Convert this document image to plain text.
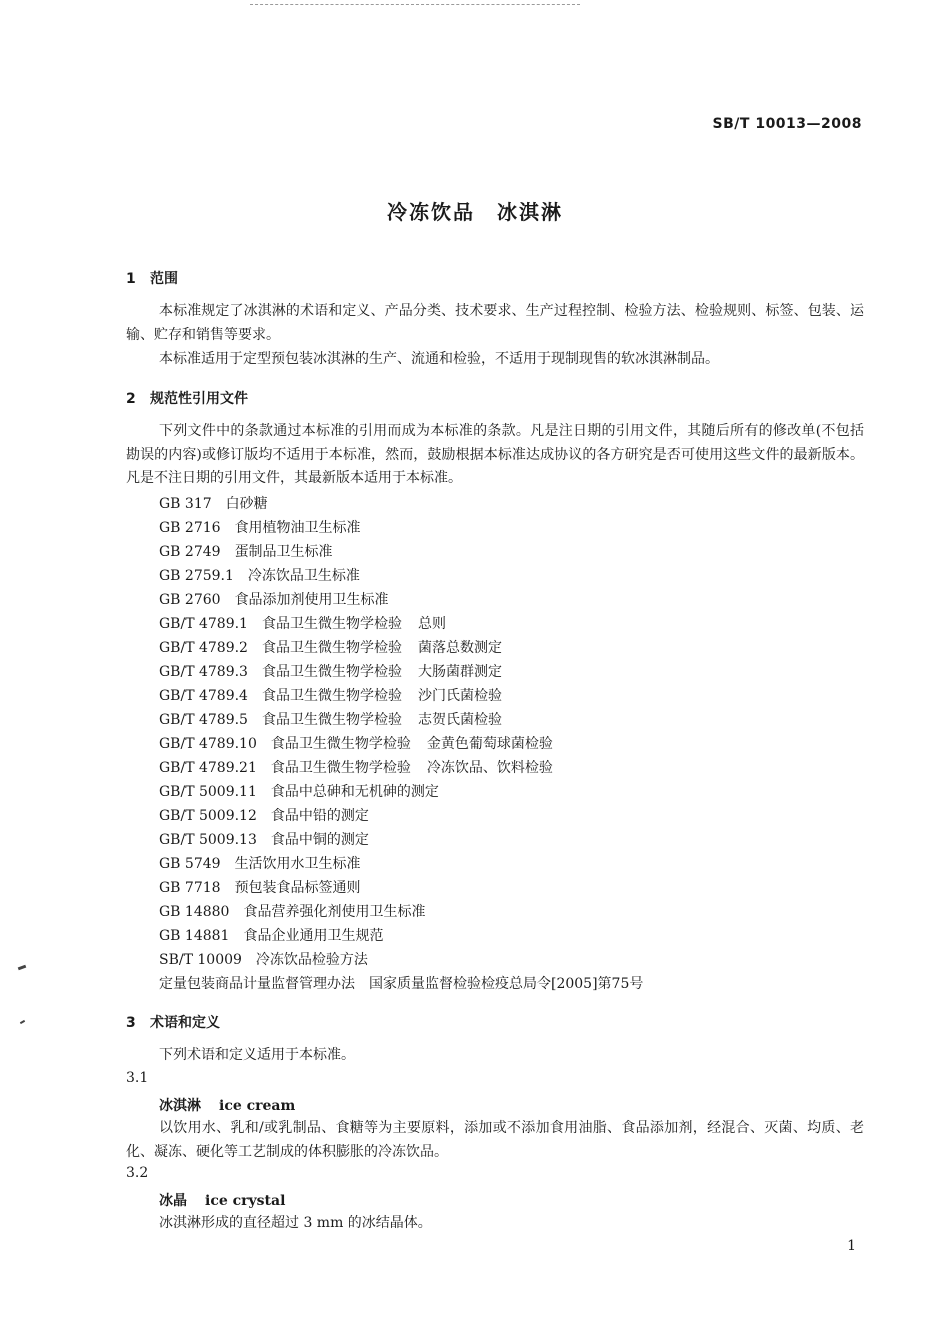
SB/T 10013—2008
冷冻饮品　冰淇淋
1 范围
本标准规定了冰淇淋的术语和定义、产品分类、技术要求、生产过程控制、检验方法、检验规则、标签、包装、运输、贮存和销售等要求。
本标准适用于定型预包装冰淇淋的生产、流通和检验，不适用于现制现售的软冰淇淋制品。
2 规范性引用文件
下列文件中的条款通过本标准的引用而成为本标准的条款。凡是注日期的引用文件，其随后所有的修改单(不包括勘误的内容)或修订版均不适用于本标准，然而，鼓励根据本标准达成协议的各方研究是否可使用这些文件的最新版本。凡是不注日期的引用文件，其最新版本适用于本标准。
GB 317 白砂糖
GB 2716 食用植物油卫生标准
GB 2749 蛋制品卫生标准
GB 2759.1 冷冻饮品卫生标准
GB 2760 食品添加剂使用卫生标准
GB/T 4789.1 食品卫生微生物学检验 总则
GB/T 4789.2 食品卫生微生物学检验 菌落总数测定
GB/T 4789.3 食品卫生微生物学检验 大肠菌群测定
GB/T 4789.4 食品卫生微生物学检验 沙门氏菌检验
GB/T 4789.5 食品卫生微生物学检验 志贺氏菌检验
GB/T 4789.10 食品卫生微生物学检验 金黄色葡萄球菌检验
GB/T 4789.21 食品卫生微生物学检验 冷冻饮品、饮料检验
GB/T 5009.11 食品中总砷和无机砷的测定
GB/T 5009.12 食品中铅的测定
GB/T 5009.13 食品中铜的测定
GB 5749 生活饮用水卫生标准
GB 7718 预包装食品标签通则
GB 14880 食品营养强化剂使用卫生标准
GB 14881 食品企业通用卫生规范
SB/T 10009 冷冻饮品检验方法
定量包装商品计量监督管理办法 国家质量监督检验检疫总局令[2005]第75号
3 术语和定义
下列术语和定义适用于本标准。
3.1
冰淇淋 ice cream
以饮用水、乳和/或乳制品、食糖等为主要原料，添加或不添加食用油脂、食品添加剂，经混合、灭菌、均质、老化、凝冻、硬化等工艺制成的体积膨胀的冷冻饮品。
3.2
冰晶 ice crystal
冰淇淋形成的直径超过 3 mm 的冰结晶体。
1
